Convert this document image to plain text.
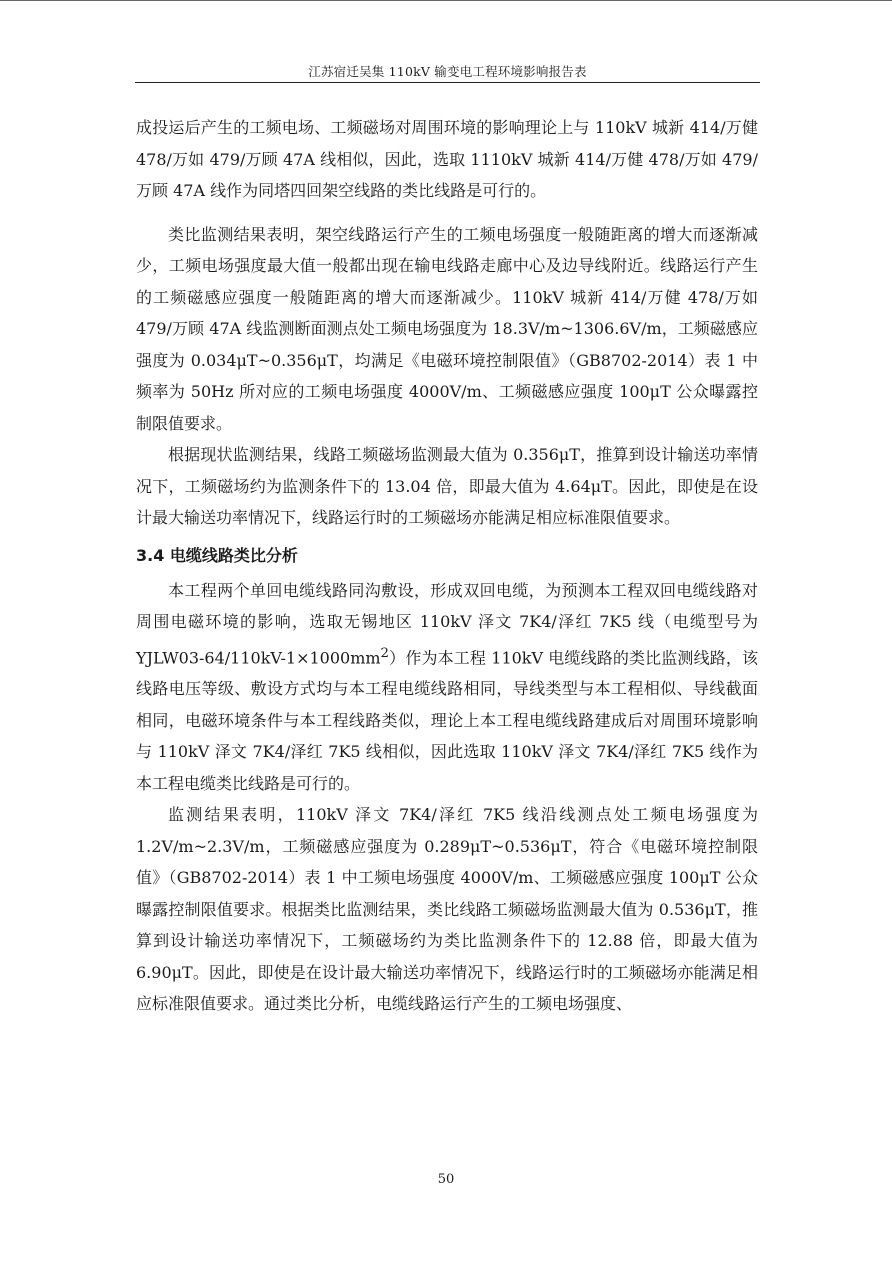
江苏宿迁吴集 110kV 输变电工程环境影响报告表

成投运后产生的工频电场、工频磁场对周围环境的影响理论上与 110kV 城新 414/万健 478/万如 479/万顾 47A 线相似，因此，选取 1110kV 城新 414/万健 478/万如 479/万顾 47A 线作为同塔四回架空线路的类比线路是可行的。

类比监测结果表明，架空线路运行产生的工频电场强度一般随距离的增大而逐渐减少，工频电场强度最大值一般都出现在输电线路走廊中心及边导线附近。线路运行产生的工频磁感应强度一般随距离的增大而逐渐减少。110kV 城新 414/万健 478/万如 479/万顾 47A 线监测断面测点处工频电场强度为 18.3V/m~1306.6V/m，工频磁感应强度为 0.034μT~0.356μT，均满足《电磁环境控制限值》（GB8702-2014）表 1 中频率为 50Hz 所对应的工频电场强度 4000V/m、工频磁感应强度 100μT 公众曝露控制限值要求。

根据现状监测结果，线路工频磁场监测最大值为 0.356μT，推算到设计输送功率情况下，工频磁场约为监测条件下的 13.04 倍，即最大值为 4.64μT。因此，即使是在设计最大输送功率情况下，线路运行时的工频磁场亦能满足相应标准限值要求。

3.4 电缆线路类比分析

本工程两个单回电缆线路同沟敷设，形成双回电缆，为预测本工程双回电缆线路对周围电磁环境的影响，选取无锡地区 110kV 泽文 7K4/泽红 7K5 线（电缆型号为 $YJLW03-64/110kV-1\times 1000mm^2$）作为本工程 110kV 电缆线路的类比监测线路，该线路电压等级、敷设方式均与本工程电缆线路相同，导线类型与本工程相似、导线截面相同，电磁环境条件与本工程线路类似，理论上本工程电缆线路建成后对周围环境影响与 110kV 泽文 7K4/泽红 7K5 线相似，因此选取 110kV 泽文 7K4/泽红 7K5 线作为本工程电缆类比线路是可行的。

监测结果表明，110kV 泽文 7K4/泽红 7K5 线沿线测点处工频电场强度为 1.2V/m~2.3V/m，工频磁感应强度为 0.289μT~0.536μT，符合《电磁环境控制限值》（GB8702-2014）表 1 中工频电场强度 4000V/m、工频磁感应强度 100μT 公众曝露控制限值要求。根据类比监测结果，类比线路工频磁场监测最大值为 0.536μT，推算到设计输送功率情况下，工频磁场约为类比监测条件下的 12.88 倍，即最大值为 6.90μT。因此，即使是在设计最大输送功率情况下，线路运行时的工频磁场亦能满足相应标准限值要求。通过类比分析，电缆线路运行产生的工频电场强度、

50
